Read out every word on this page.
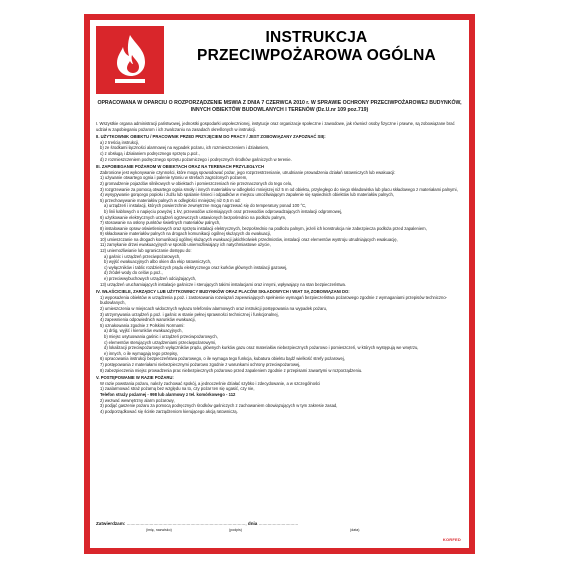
INSTRUKCJA
PRZECIWPOŻAROWA OGÓLNA
OPRACOWANA W OPARCIU O ROZPORZĄDZENIE MSWIA Z DNIA 7 CZERWCA 2010 r. W SPRAWIE OCHRONY PRZECIWPOŻAROWEJ BUDYNKÓW, INNYCH OBIEKTÓW BUDOWLANYCH I TERENÓW (Dz.U.nr 109 poz.719)
I. Wszystkie organa administracji państwowej, jednostki gospodarki uspołecznionej, instytucje oraz organizacje społeczne i zawodowe, jak również osoby fizyczne i prawne, są zobowiązane brać udział w zapobieganiu pożarom i ich zwalczaniu na zasadach określonych w instrukcji.
II. UŻYTKOWNIK OBIEKTU / PRACOWNIK PRZED PRZYJĘCIEM DO PRACY / JEST ZOBOWIĄZANY ZAPOZNAĆ SIĘ:
a) z treścią instrukcji,
b) ze środkami łączności alarmowej na wypadek pożaru, ich rozmieszczeniem i działaniem,
c) z obsługą i działaniem podręcznego sprzętu p.poż.,
d) z rozmieszczeniem podręcznego sprzętu pożarniczego i podręcznych środków gaśniczych w terenie.
III. ZAPOBIEGANIE POŻAROM W OBIEKTACH ORAZ NA TERENACH PRZYLEGŁYCH
Zabronione jest wykonywanie czynności, które mogą spowodować pożar, jego rozprzestrzenianie, utrudnianie prowadzenia działań ratowniczych lub ewakuacji:
1) używanie otwartego ognia i palenie tytoniu w strefach zagrożonych pożarem,
2) gromadzenie pojazdów silnikowych w obiektach i pomieszczeniach nie przeznaczonych do tego celu,
3) rozgrzewanie za pomocą otwartego ognia smoły i innych materiałów w odległości mniejszej niż 5 m od obiektu, przyległego do niego składowiska lub placu składowego z materiałami palnymi,
4) wysypywanie gorącego popiołu i żużlu lub spalanie śmieci i odpadków w miejscu umożliwiającym zapalenie się sąsiednich obiektów lub materiałów palnych,
5) przechowywanie materiałów palnych w odległości mniejszej niż 0,5 m od:
a) urządzeń i instalacji, których powierzchnie zewnętrzne mogą nagrzewać się do temperatury ponad 100 °C,
b) linii kablowych o napięciu powyżej 1 kV, przewodów uziemiających oraz przewodów odprowadzających instalacji odgromowej,
6) użytkowanie elektrycznych urządzeń ogrzewczych ustawionych bezpośrednio na podłożu palnym,
7) stosowanie na osłony punktów świetlnych materiałów palnych,
8) instalowanie opraw oświetleniowych oraz sprzętu instalacji elektrycznych, bezpośrednio na podłożu palnym, jeżeli ich konstrukcja nie zabezpiecza podłoża przed zapaleniem,
9) składowanie materiałów palnych na drogach komunikacji ogólnej służących do ewakuacji,
10) umieszczanie na drogach komunikacji ogólnej służących ewakuacji jakichkolwiek przedmiotów, instalacji oraz elementów wystroju utrudniających ewakuację,
11) zamykanie drzwi ewakuacyjnych w sposób uniemożliwiający ich natychmiastowe użycie,
12) uniemożliwianie lub ograniczanie dostępu do:
a) gaśnic i urządzeń przeciwpożarowych,
b) wyjść ewakuacyjnych albo okien dla ekip ratowniczych,
c) wyłączników i tablic rozdzielczych prądu elektrycznego oraz kurków głównych instalacji gazowej,
d) źródeł wody do celów p.poż.,
e) przeciwwybuchowych urządzeń odciążających,
13) urządzeń uruchamiających instalacje gaśnicze i sterujących takimi instalacjami oraz innymi, wpływający na stan bezpieczeństwa.
IV. WŁAŚCICIELE, ZARZĄDCY LUB UŻYTKOWNICY BUDYNKÓW ORAZ PLACÓW SKŁADOWYCH I WIAT SĄ ZOBOWIĄZANI DO:
1) wyposażenia obiektów w urządzenia p.poż. i zastosowania rozwiązań zapewniających spełnienie wymagań bezpieczeństwa pożarowego zgodnie z wymaganiami przepisów techniczno-budowlanych,
2) umieszczenia w miejscach widocznych wykazu telefonów alarmowych oraz instrukcji postępowania na wypadek pożaru,
3) utrzymywania urządzeń p.poż. i gaśnic w stanie pełnej sprawności technicznej i funkcjonalnej,
4) zapewnienia odpowiednich warunków ewakuacji,
5) oznakowania zgodnie z Polskimi Normami:
a) dróg, wyjść i kierunków ewakuacyjnych,
b) miejsc usytuowania gaśnic i urządzeń przeciwpożarowych,
c) elementów sterujących urządzeniami przeciwpożarowymi,
d) lokalizacji przeciwpożarowych wyłączników prądu, głównych kurków gazu oraz materiałów niebezpiecznych pożarowo i pomieszczeń, w których występują we wnętrzu,
e) innych, o ile wymagają tego przepisy,
6) opracowania instrukcji bezpieczeństwa pożarowego, o ile wymaga tego funkcja, kubatura obiektu bądź wielkość strefy pożarowej,
7) postępowania z materiałami niebezpiecznymi pożarowo zgodnie z warunkami ochrony przeciwpożarowej,
8) zabezpieczenia miejsc prowadzenia prac niebezpiecznych pożarowo przed zapaleniem zgodnie z przepisami zawartymi w rozporządzeniu.
V. POSTĘPOWANIE W RAZIE POŻARU:
W razie powstania pożaru, należy zachować spokój, a jednocześnie działać szybko i zdecydowanie, a w szczególności
1) zaalarmować straż pożarną bez względu na to, czy pożar ten się ugasić, czy nie,
Telefon straży pożarnej - 998 lub alarmowy z tel. komórkowego - 112
2) wezwać wewnętrzny alarm pożarowy,
3) podjąć gaszenie pożaru za pomocą podręcznych środków gaśniczych z zachowaniem obowiązujących w tym zakresie zasad,
4) podporządkować się ścisłe zarządzeniom kierującego akcją ratowniczą.
Zatwierdzam: ............................................................................................., dnia ...............................
(imię, nazwisko)	(podpis)	(data)
KORFED
